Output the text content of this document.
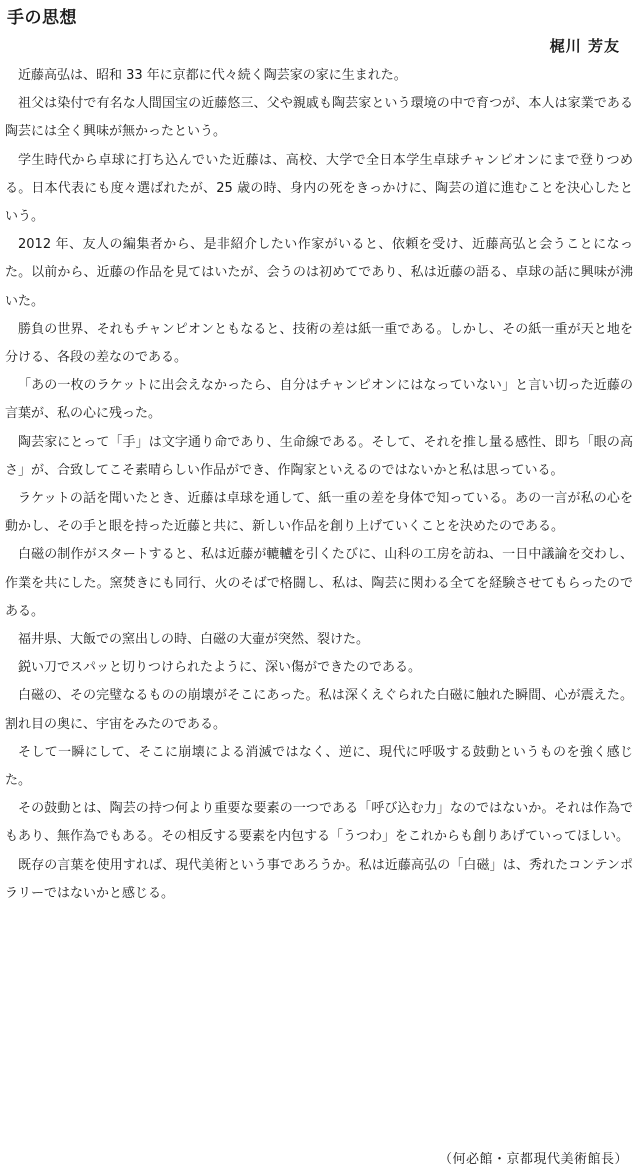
手の思想
梶川 芳友

近藤高弘は、昭和 33 年に京都に代々続く陶芸家の家に生まれた。

祖父は染付で有名な人間国宝の近藤悠三、父や親戚も陶芸家という環境の中で育つが、本人は家業である陶芸には全く興味が無かったという。

学生時代から卓球に打ち込んでいた近藤は、高校、大学で全日本学生卓球チャンピオンにまで登りつめる。日本代表にも度々選ばれたが、25 歳の時、身内の死をきっかけに、陶芸の道に進むことを決心したという。

2012 年、友人の編集者から、是非紹介したい作家がいると、依頼を受け、近藤高弘と会うことになった。以前から、近藤の作品を見てはいたが、会うのは初めてであり、私は近藤の語る、卓球の話に興味が沸いた。

勝負の世界、それもチャンピオンともなると、技術の差は紙一重である。しかし、その紙一重が天と地を分ける、各段の差なのである。

「あの一枚のラケットに出会えなかったら、自分はチャンピオンにはなっていない」と言い切った近藤の言葉が、私の心に残った。

陶芸家にとって「手」は文字通り命であり、生命線である。そして、それを推し量る感性、即ち「眼の高さ」が、合致してこそ素晴らしい作品ができ、作陶家といえるのではないかと私は思っている。

ラケットの話を聞いたとき、近藤は卓球を通して、紙一重の差を身体で知っている。あの一言が私の心を動かし、その手と眼を持った近藤と共に、新しい作品を創り上げていくことを決めたのである。

白磁の制作がスタートすると、私は近藤が轆轤を引くたびに、山科の工房を訪ね、一日中議論を交わし、作業を共にした。窯焚きにも同行、火のそばで格闘し、私は、陶芸に関わる全てを経験させてもらったのである。

福井県、大飯での窯出しの時、白磁の大壷が突然、裂けた。

鋭い刀でスパッと切りつけられたように、深い傷ができたのである。

白磁の、その完璧なるものの崩壊がそこにあった。私は深くえぐられた白磁に触れた瞬間、心が震えた。割れ目の奥に、宇宙をみたのである。

そして一瞬にして、そこに崩壊による消滅ではなく、逆に、現代に呼吸する鼓動というものを強く感じた。

その鼓動とは、陶芸の持つ何より重要な要素の一つである「呼び込む力」なのではないか。それは作為でもあり、無作為でもある。その相反する要素を内包する「うつわ」をこれからも創りあげていってほしい。

既存の言葉を使用すれば、現代美術という事であろうか。私は近藤高弘の「白磁」は、秀れたコンテンポラリーではないかと感じる。

（何必館・京都現代美術館長）
